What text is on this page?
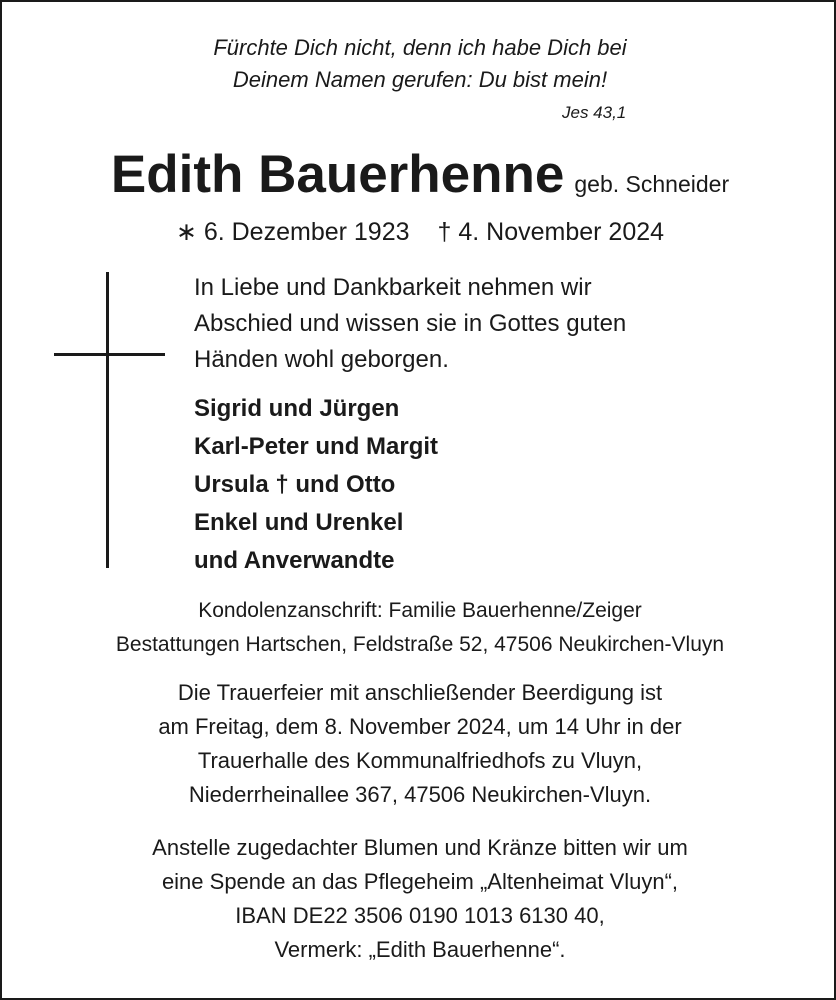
Fürchte Dich nicht, denn ich habe Dich bei
Deinem Namen gerufen: Du bist mein!
Jes 43,1
Edith Bauerhenne geb. Schneider
∗ 6. Dezember 1923 † 4. November 2024
In Liebe und Dankbarkeit nehmen wir
Abschied und wissen sie in Gottes guten
Händen wohl geborgen.
Sigrid und Jürgen
Karl-Peter und Margit
Ursula † und Otto
Enkel und Urenkel
und Anverwandte
Kondolenzanschrift: Familie Bauerhenne/Zeiger
Bestattungen Hartschen, Feldstraße 52, 47506 Neukirchen-Vluyn
Die Trauerfeier mit anschließender Beerdigung ist
am Freitag, dem 8. November 2024, um 14 Uhr in der
Trauerhalle des Kommunalfriedhofs zu Vluyn,
Niederrheinallee 367, 47506 Neukirchen-Vluyn.
Anstelle zugedachter Blumen und Kränze bitten wir um
eine Spende an das Pflegeheim „Altenheimat Vluyn“,
IBAN DE22 3506 0190 1013 6130 40,
Vermerk: „Edith Bauerhenne“.
